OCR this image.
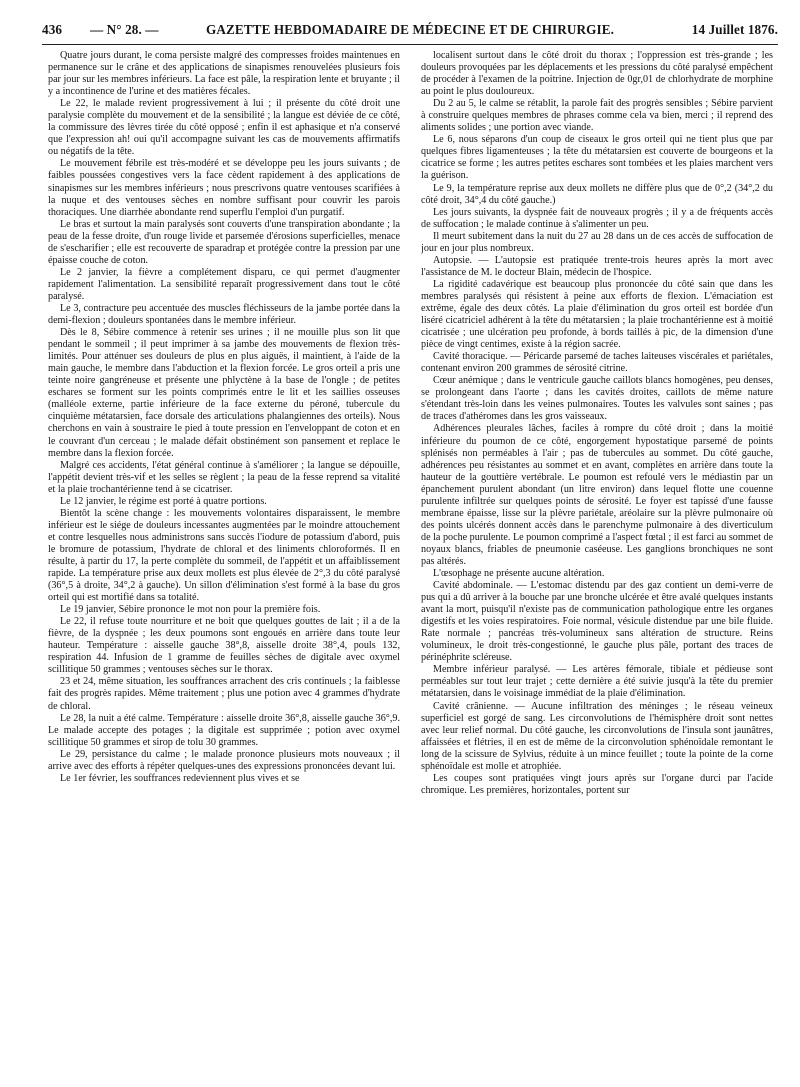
436 — N° 28. —	GAZETTE HEBDOMADAIRE DE MÉDECINE ET DE CHIRURGIE.	14 Juillet 1876.

Quatre jours durant, le coma persiste malgré des compresses froides maintenues en permanence sur le crâne et des applications de sinapismes renouvelées plusieurs fois par jour sur les membres inférieurs. La face est pâle, la respiration lente et bruyante ; il y a incontinence de l'urine et des matières fécales.

Le 22, le malade revient progressivement à lui ; il présente du côté droit une paralysie complète du mouvement et de la sensibilité ; la langue est déviée de ce côté, la commissure des lèvres tirée du côté opposé ; enfin il est aphasique et n'a conservé que l'expression ah! oui qu'il accompagne suivant les cas de mouvements affirmatifs ou négatifs de la tête.

Le mouvement fébrile est très-modéré et se développe peu les jours suivants ; de faibles poussées congestives vers la face cèdent rapidement à des applications de sinapismes sur les membres inférieurs ; nous prescrivons quatre ventouses scarifiées à la nuque et des ventouses sèches en nombre suffisant pour couvrir les parois thoraciques. Une diarrhée abondante rend superflu l'emploi d'un purgatif.

Le bras et surtout la main paralysés sont couverts d'une transpiration abondante ; la peau de la fesse droite, d'un rouge livide et parsemée d'érosions superficielles, menace de s'escharifier ; elle est recouverte de sparadrap et protégée contre la pression par une épaisse couche de coton.

Le 2 janvier, la fièvre a complétement disparu, ce qui permet d'augmenter rapidement l'alimentation. La sensibilité reparaît progressivement dans tout le côté paralysé.

Le 3, contracture peu accentuée des muscles fléchisseurs de la jambe portée dans la demi-flexion ; douleurs spontanées dans le membre inférieur.

Dès le 8, Sébire commence à retenir ses urines ; il ne mouille plus son lit que pendant le sommeil ; il peut imprimer à sa jambe des mouvements de flexion très-limités. Pour atténuer ses douleurs de plus en plus aiguës, il maintient, à l'aide de la main gauche, le membre dans l'abduction et la flexion forcée. Le gros orteil a pris une teinte noire gangréneuse et présente une phlyctène à la base de l'ongle ; de petites eschares se forment sur les points comprimés entre le lit et les saillies osseuses (malléole externe, partie inférieure de la face externe du péroné, tubercule du cinquième métatarsien, face dorsale des articulations phalangiennes des orteils). Nous cherchons en vain à soustraire le pied à toute pression en l'enveloppant de coton et en le couvrant d'un cerceau ; le malade défait obstinément son pansement et replace le membre dans la flexion forcée.

Malgré ces accidents, l'état général continue à s'améliorer ; la langue se dépouille, l'appétit devient très-vif et les selles se règlent ; la peau de la fesse reprend sa vitalité et la plaie trochantérienne tend à se cicatriser.

Le 12 janvier, le régime est porté à quatre portions.

Bientôt la scène change : les mouvements volontaires disparaissent, le membre inférieur est le siége de douleurs incessantes augmentées par le moindre attouchement et contre lesquelles nous administrons sans succès l'iodure de potassium d'abord, puis le bromure de potassium, l'hydrate de chloral et des liniments chloroformés. Il en résulte, à partir du 17, la perte complète du sommeil, de l'appétit et un affaiblissement rapide. La température prise aux deux mollets est plus élevée de 2°,3 du côté paralysé (36°,5 à droite, 34°,2 à gauche). Un sillon d'élimination s'est formé à la base du gros orteil qui est mortifié dans sa totalité.

Le 19 janvier, Sébire prononce le mot non pour la première fois.

Le 22, il refuse toute nourriture et ne boit que quelques gouttes de lait ; il a de la fièvre, de la dyspnée ; les deux poumons sont engoués en arrière dans toute leur hauteur. Température : aisselle gauche 38°,8, aisselle droite 38°,4, pouls 132, respiration 44. Infusion de 1 gramme de feuilles sèches de digitale avec oxymel scillitique 50 grammes ; ventouses sèches sur le thorax.

23 et 24, même situation, les souffrances arrachent des cris continuels ; la faiblesse fait des progrès rapides. Même traitement ; plus une potion avec 4 grammes d'hydrate de chloral.

Le 28, la nuit a été calme. Température : aisselle droite 36°,8, aisselle gauche 36°,9. Le malade accepte des potages ; la digitale est supprimée ; potion avec oxymel scillitique 50 grammes et sirop de tolu 30 grammes.

Le 29, persistance du calme ; le malade prononce plusieurs mots nouveaux ; il arrive avec des efforts à répéter quelques-unes des expressions prononcées devant lui.

Le 1er février, les souffrances redeviennent plus vives et se

localisent surtout dans le côté droit du thorax ; l'oppression est très-grande ; les douleurs provoquées par les déplacements et les pressions du côté paralysé empêchent de procéder à l'examen de la poitrine. Injection de 0gr,01 de chlorhydrate de morphine au point le plus douloureux.

Du 2 au 5, le calme se rétablit, la parole fait des progrès sensibles ; Sébire parvient à construire quelques membres de phrases comme cela va bien, merci ; il reprend des aliments solides ; une portion avec viande.

Le 6, nous séparons d'un coup de ciseaux le gros orteil qui ne tient plus que par quelques fibres ligamenteuses ; la tête du métatarsien est couverte de bourgeons et la cicatrice se forme ; les autres petites eschares sont tombées et les plaies marchent vers la guérison.

Le 9, la température reprise aux deux mollets ne diffère plus que de 0°,2 (34°,2 du côté droit, 34°,4 du côté gauche.)

Les jours suivants, la dyspnée fait de nouveaux progrès ; il y a de fréquents accès de suffocation ; le malade continue à s'alimenter un peu.

Il meurt subitement dans la nuit du 27 au 28 dans un de ces accès de suffocation de jour en jour plus nombreux.

Autopsie. — L'autopsie est pratiquée trente-trois heures après la mort avec l'assistance de M. le docteur Blain, médecin de l'hospice.

La rigidité cadavérique est beaucoup plus prononcée du côté sain que dans les membres paralysés qui résistent à peine aux efforts de flexion. L'émaciation est extrême, égale des deux côtés. La plaie d'élimination du gros orteil est bordée d'un liséré cicatriciel adhérent à la tête du métatarsien ; la plaie trochantérienne est à moitié cicatrisée ; une ulcération peu profonde, à bords taillés à pic, de la dimension d'une pièce de vingt centimes, existe à la région sacrée.

Cavité thoracique. — Péricarde parsemé de taches laiteuses viscérales et pariétales, contenant environ 200 grammes de sérosité citrine.

Cœur anémique ; dans le ventricule gauche caillots blancs homogènes, peu denses, se prolongeant dans l'aorte ; dans les cavités droites, caillots de même nature s'étendant très-loin dans les veines pulmonaires. Toutes les valvules sont saines ; pas de traces d'athéromes dans les gros vaisseaux.

Adhérences pleurales lâches, faciles à rompre du côté droit ; dans la moitié inférieure du poumon de ce côté, engorgement hypostatique parsemé de points splénisés non perméables à l'air ; pas de tubercules au sommet. Du côté gauche, adhérences peu résistantes au sommet et en avant, complètes en arrière dans toute la hauteur de la gouttière vertébrale. Le poumon est refoulé vers le médiastin par un épanchement purulent abondant (un litre environ) dans lequel flotte une couenne purulente infiltrée sur quelques points de sérosité. Le foyer est tapissé d'une fausse membrane épaisse, lisse sur la plèvre pariétale, aréolaire sur la plèvre pulmonaire où des points ulcérés donnent accès dans le parenchyme pulmonaire à des diverticulum de la poche purulente. Le poumon comprimé a l'aspect fœtal ; il est farci au sommet de noyaux blancs, friables de pneumonie caséeuse. Les ganglions bronchiques ne sont pas altérés.

L'œsophage ne présente aucune altération.

Cavité abdominale. — L'estomac distendu par des gaz contient un demi-verre de pus qui a dû arriver à la bouche par une bronche ulcérée et être avalé quelques instants avant la mort, puisqu'il n'existe pas de communication pathologique entre les organes digestifs et les voies respiratoires. Foie normal, vésicule distendue par une bile fluide. Rate normale ; pancréas très-volumineux sans altération de structure. Reins volumineux, le droit très-congestionné, le gauche plus pâle, portant des traces de périnéphrite scléreuse.

Membre inférieur paralysé. — Les artères fémorale, tibiale et pédieuse sont perméables sur tout leur trajet ; cette dernière a été suivie jusqu'à la tête du premier métatarsien, dans le voisinage immédiat de la plaie d'élimination.

Cavité crânienne. — Aucune infiltration des méninges ; le réseau veineux superficiel est gorgé de sang. Les circonvolutions de l'hémisphère droit sont nettes avec leur relief normal. Du côté gauche, les circonvolutions de l'insula sont jaunâtres, affaissées et flétries, il en est de même de la circonvolution sphénoïdale remontant le long de la scissure de Sylvius, réduite à un mince feuillet ; toute la pointe de la corne sphénoïdale est molle et atrophiée.

Les coupes sont pratiquées vingt jours après sur l'organe durci par l'acide chromique. Les premières, horizontales, portent sur
